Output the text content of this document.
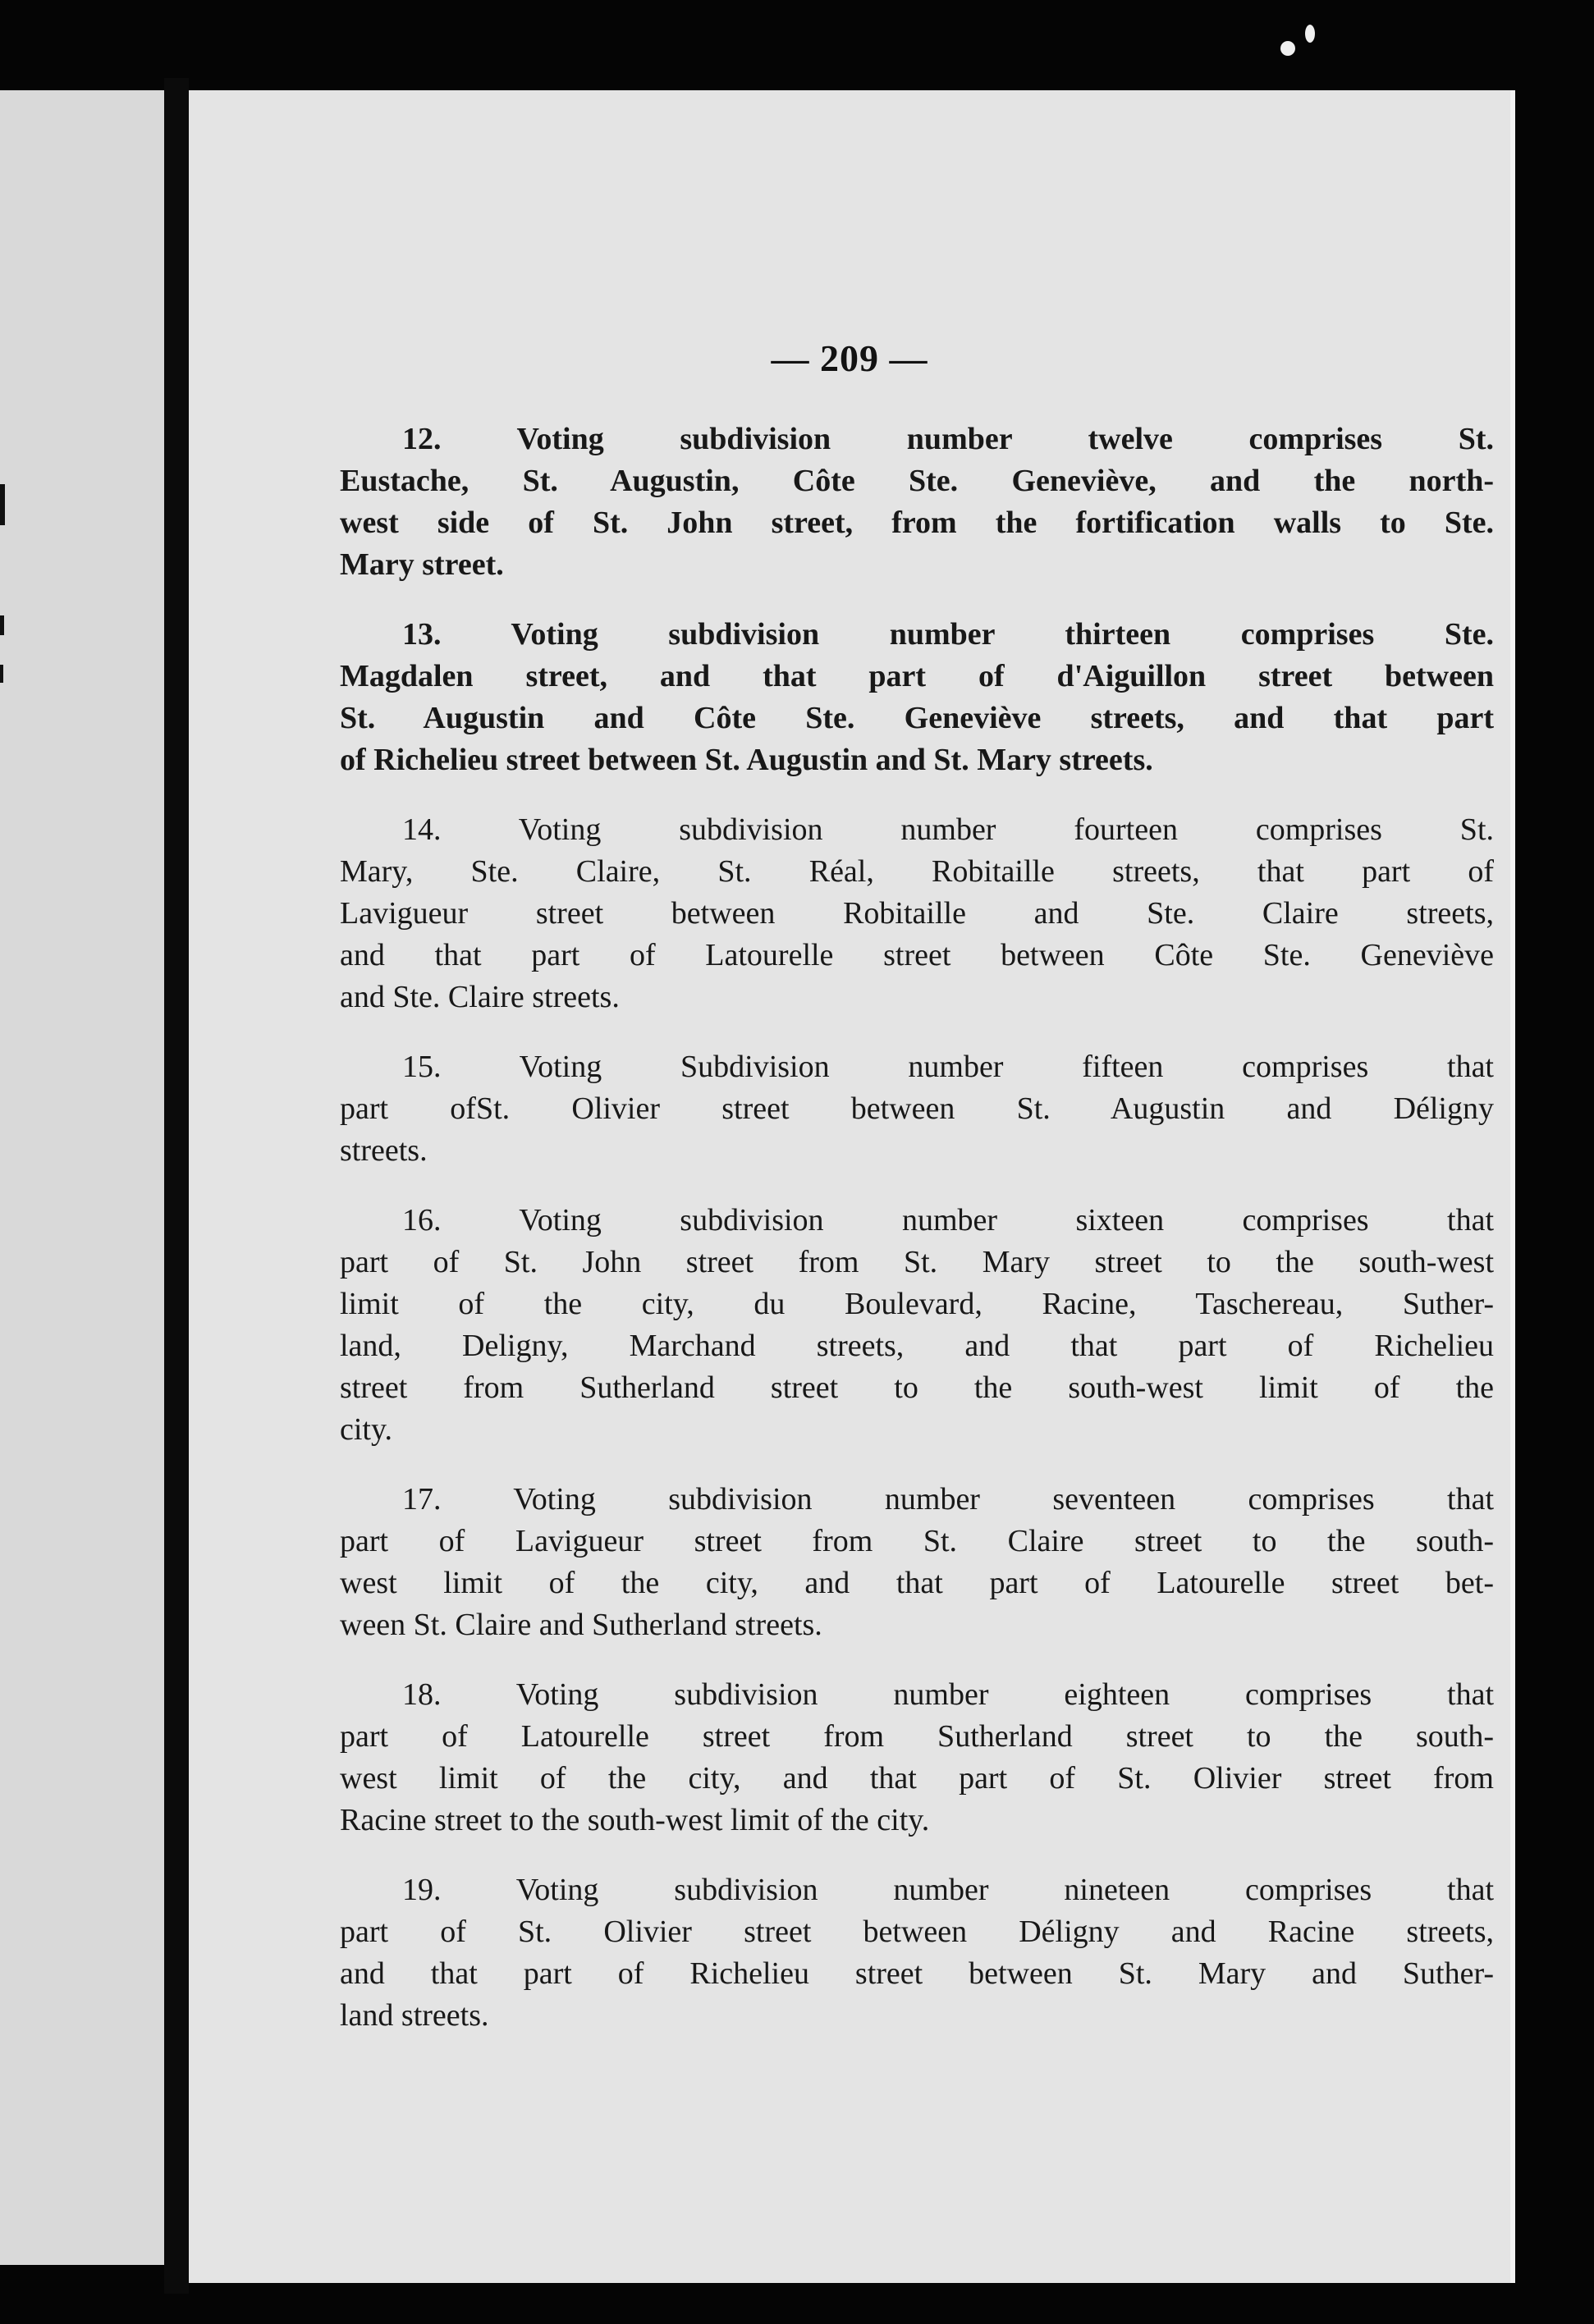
— 209 —
12. Voting subdivision number twelve comprises St.
Eustache, St. Augustin, Côte Ste. Geneviève, and the north-
west side of St. John street, from the fortification walls to Ste.
Mary street.
13. Voting subdivision number thirteen comprises Ste.
Magdalen street, and that part of d'Aiguillon street between
St. Augustin and Côte Ste. Geneviève streets, and that part
of Richelieu street between St. Augustin and St. Mary streets.
14. Voting subdivision number fourteen comprises St.
Mary, Ste. Claire, St. Réal, Robitaille streets, that part of
Lavigueur street between Robitaille and Ste. Claire streets,
and that part of Latourelle street between Côte Ste. Geneviève
and Ste. Claire streets.
15. Voting Subdivision number fifteen comprises that
part ofSt. Olivier street between St. Augustin and Déligny
streets.
16. Voting subdivision number sixteen comprises that
part of St. John street from St. Mary street to the south-west
limit of the city, du Boulevard, Racine, Taschereau, Suther-
land, Deligny, Marchand streets, and that part of Richelieu
street from Sutherland street to the south-west limit of the
city.
17. Voting subdivision number seventeen comprises that
part of Lavigueur street from St. Claire street to the south-
west limit of the city, and that part of Latourelle street bet-
ween St. Claire and Sutherland streets.
18. Voting subdivision number eighteen comprises that
part of Latourelle street from Sutherland street to the south-
west limit of the city, and that part of St. Olivier street from
Racine street to the south-west limit of the city.
19. Voting subdivision number nineteen comprises that
part of St. Olivier street between Déligny and Racine streets,
and that part of Richelieu street between St. Mary and Suther-
land streets.
